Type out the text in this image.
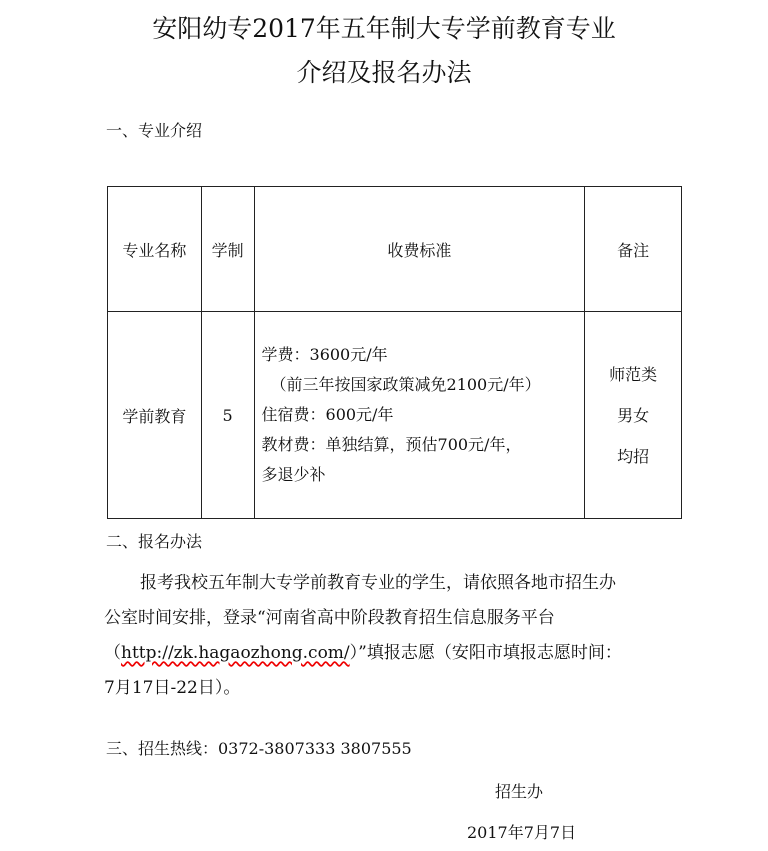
安阳幼专2017年五年制大专学前教育专业
介绍及报名办法
一、专业介绍
专业名称	学制	收费标准	备注
学前教育	5	学费：3600元/年
（前三年按国家政策减免2100元/年）
住宿费：600元/年
教材费：单独结算，预估700元/年，
多退少补	师范类
男女
均招
二、报名办法
报考我校五年制大专学前教育专业的学生，请依照各地市招生办
公室时间安排，登录“河南省高中阶段教育招生信息服务平台
（http://zk.hagaozhong.com/）”填报志愿（安阳市填报志愿时间：
7月17日-22日）。
三、招生热线：0372-3807333 3807555
招生办
2017年7月7日
